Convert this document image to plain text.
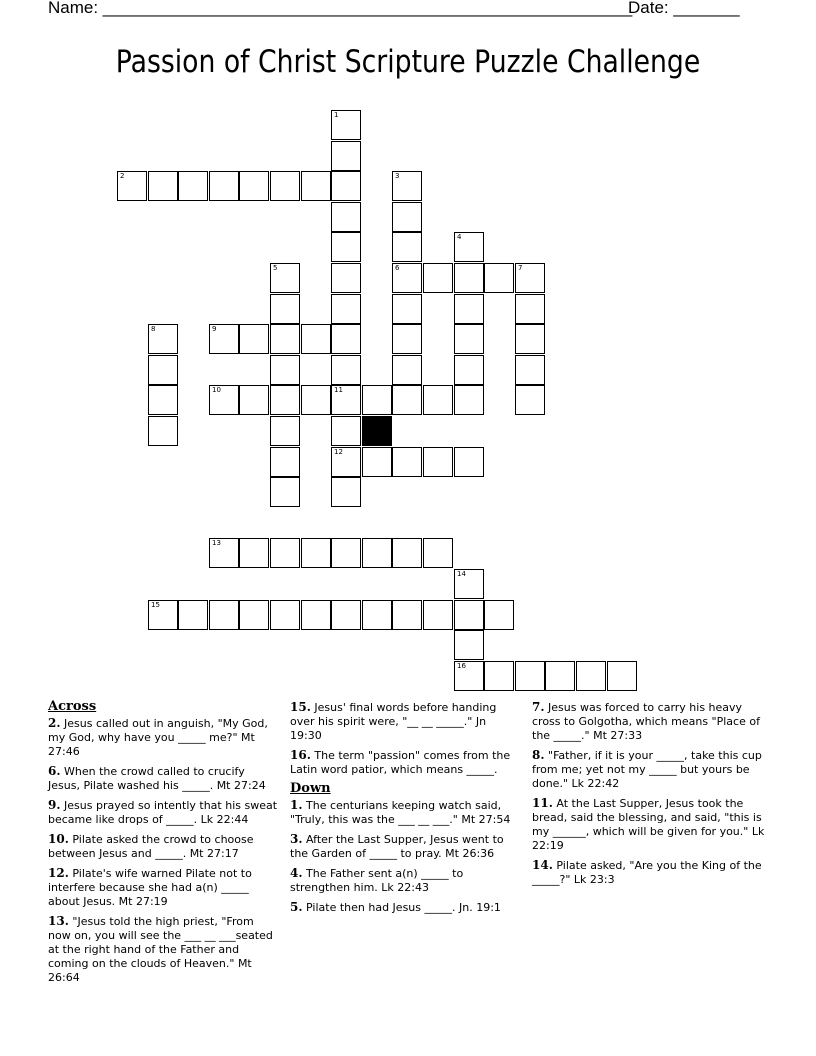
Name: ________________________________________________________
Date: _______
Passion of Christ Scripture Puzzle Challenge
2
6	7
9
10	11
12
13
15
16
1
3
4
5
8
14
Across
2. Jesus called out in anguish, "My God, my God, why have you _____ me?" Mt 27:46
6. When the crowd called to crucify Jesus, Pilate washed his _____. Mt 27:24
9. Jesus prayed so intently that his sweat became like drops of _____. Lk 22:44
10. Pilate asked the crowd to choose between Jesus and _____. Mt 27:17
12. Pilate's wife warned Pilate not to interfere because she had a(n) _____ about Jesus. Mt 27:19
13. "Jesus told the high priest, "From now on, you will see the ___ __ ___seated at the right hand of the Father and coming on the clouds of Heaven." Mt 26:64
15. Jesus' final words before handing over his spirit were, "__ __ _____." Jn 19:30
16. The term "passion" comes from the Latin word patior, which means _____.
Down
1. The centurians keeping watch said, "Truly, this was the ___ __ ___." Mt 27:54
3. After the Last Supper, Jesus went to the Garden of _____ to pray. Mt 26:36
4. The Father sent a(n) _____ to strengthen him. Lk 22:43
5. Pilate then had Jesus _____. Jn. 19:1
7. Jesus was forced to carry his heavy cross to Golgotha, which means "Place of the _____." Mt 27:33
8. "Father, if it is your _____, take this cup from me; yet not my _____ but yours be done." Lk 22:42
11. At the Last Supper, Jesus took the bread, said the blessing, and said, "this is my ______, which will be given for you." Lk 22:19
14. Pilate asked, "Are you the King of the _____?" Lk 23:3
